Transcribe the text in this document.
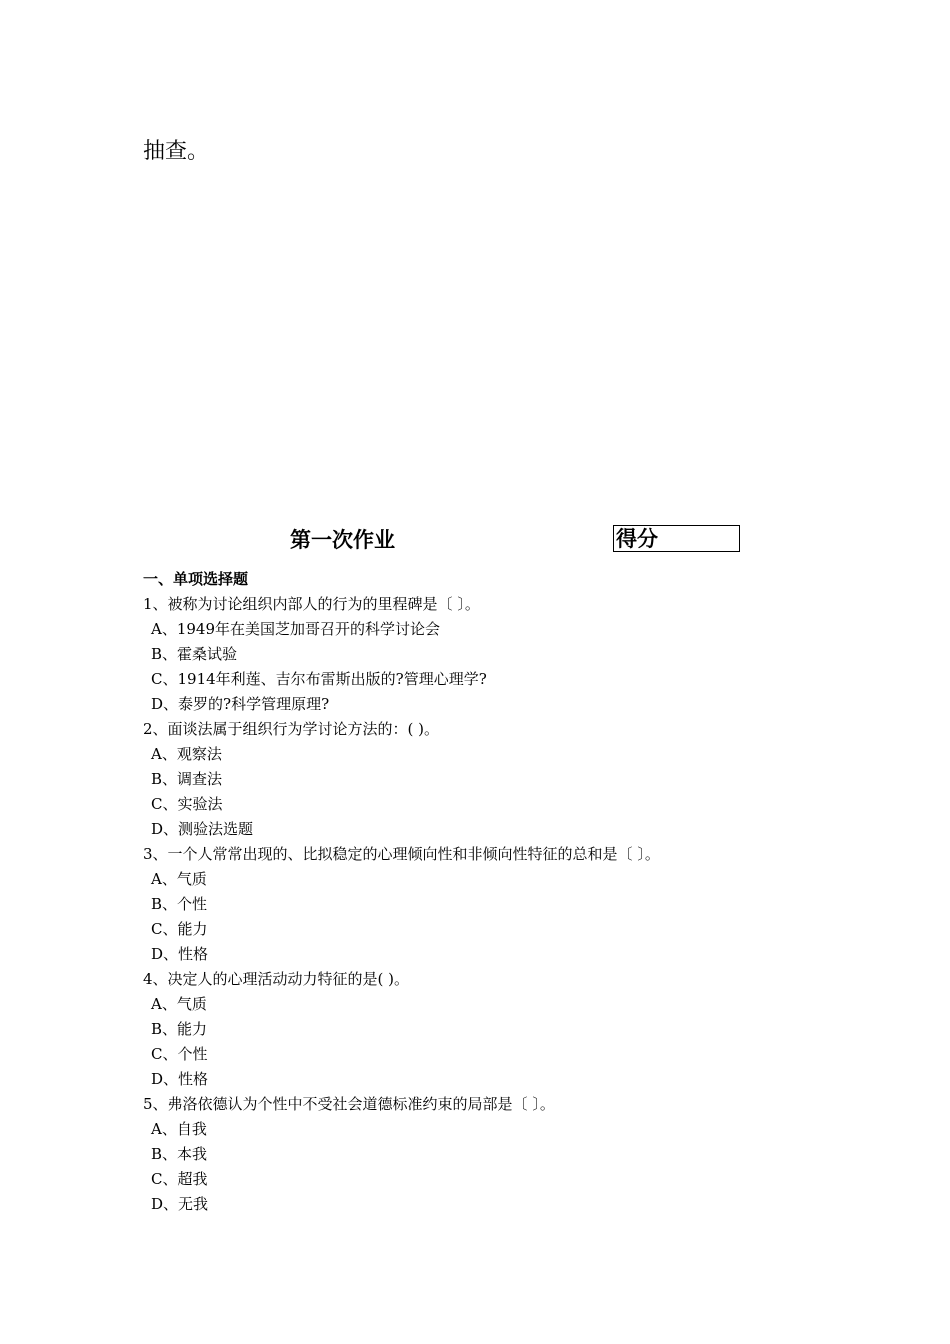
抽查。
第一次作业	得分
一、单项选择题
1、被称为讨论组织内部人的行为的里程碑是〔 〕。
A、1949年在美国芝加哥召开的科学讨论会
B、霍桑试验
C、1914年利莲、吉尔布雷斯出版的?管理心理学?
D、泰罗的?科学管理原理?
2、面谈法属于组织行为学讨论方法的：( )。
A、观察法
B、调查法
C、实验法
D、测验法选题
3、一个人常常出现的、比拟稳定的心理倾向性和非倾向性特征的总和是〔 〕。
A、气质
B、个性
C、能力
D、性格
4、决定人的心理活动动力特征的是( )。
A、气质
B、能力
C、个性
D、性格
5、弗洛依德认为个性中不受社会道德标准约束的局部是〔 〕。
A、自我
B、本我
C、超我
D、无我
